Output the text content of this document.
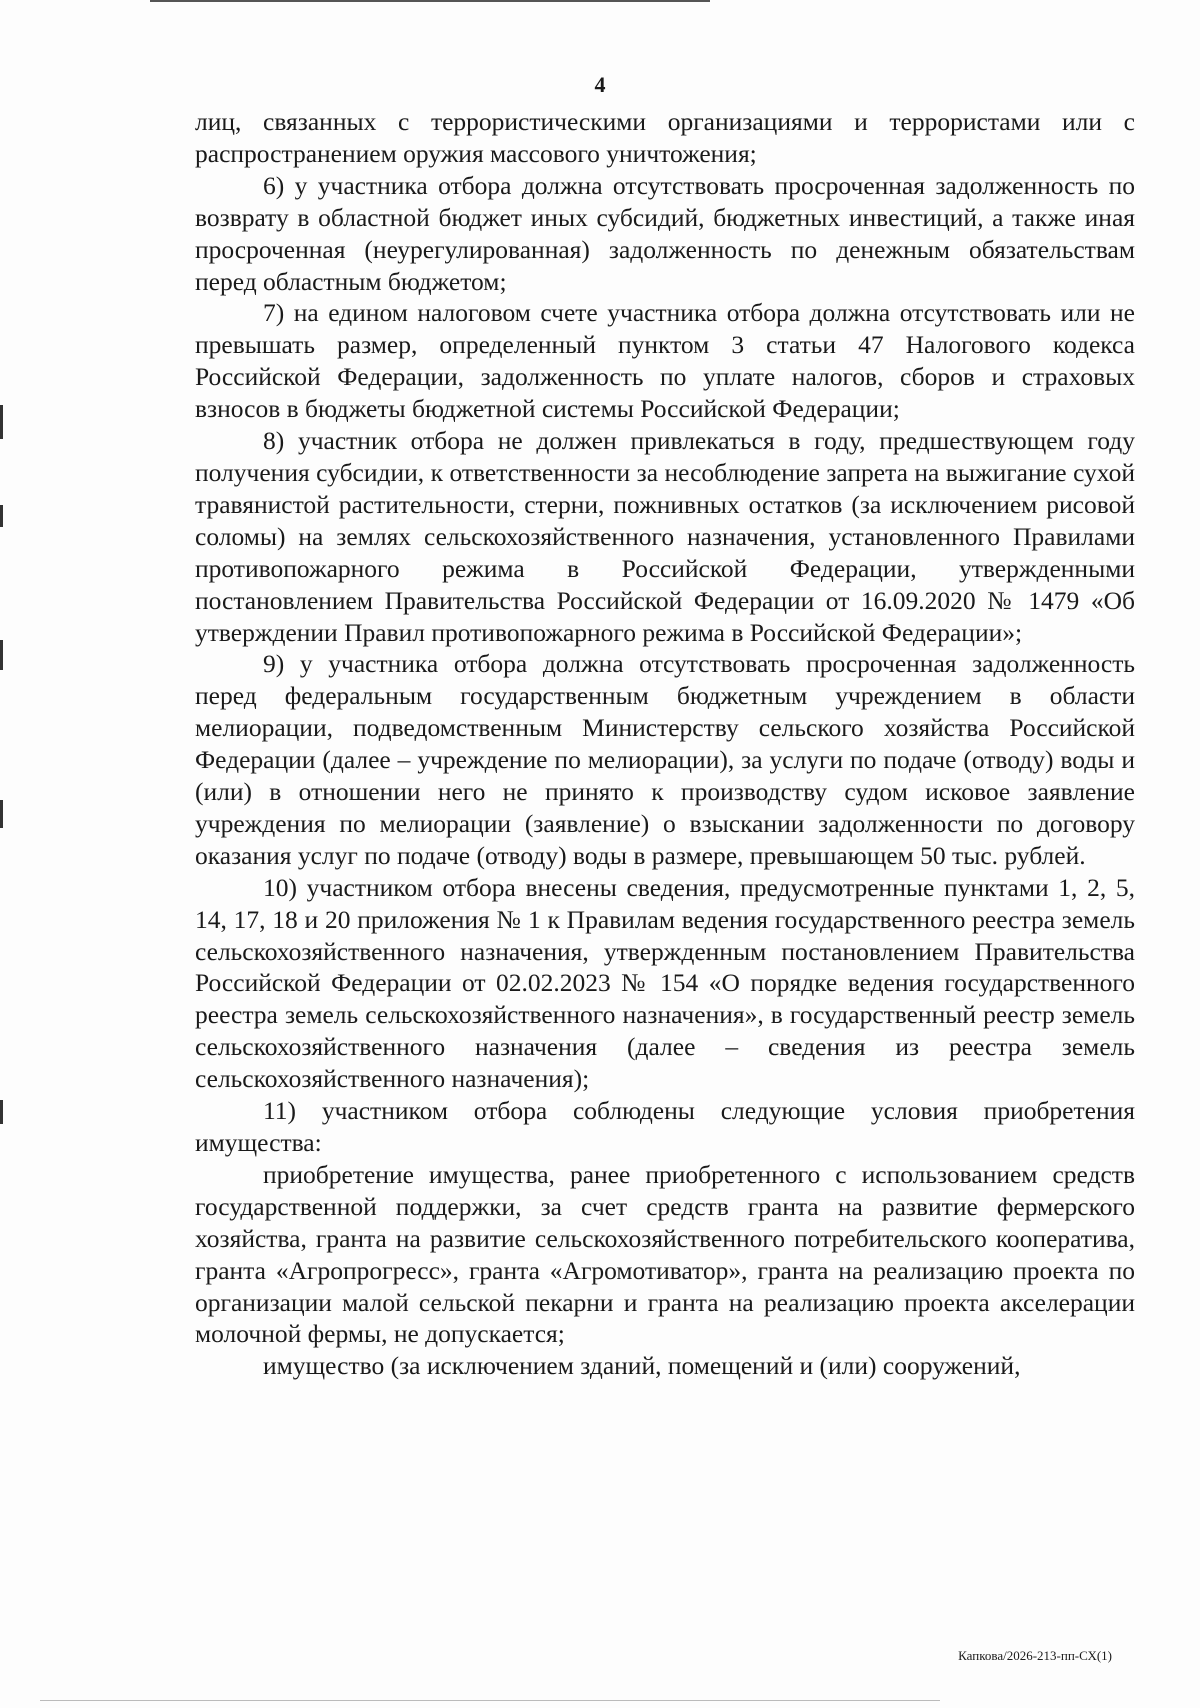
4

лиц, связанных с террористическими организациями и террористами или с распространением оружия массового уничтожения;

6) у участника отбора должна отсутствовать просроченная задолженность по возврату в областной бюджет иных субсидий, бюджетных инвестиций, а также иная просроченная (неурегулированная) задолженность по денежным обязательствам перед областным бюджетом;

7) на едином налоговом счете участника отбора должна отсутствовать или не превышать размер, определенный пунктом 3 статьи 47 Налогового кодекса Российской Федерации, задолженность по уплате налогов, сборов и страховых взносов в бюджеты бюджетной системы Российской Федерации;

8) участник отбора не должен привлекаться в году, предшествующем году получения субсидии, к ответственности за несоблюдение запрета на выжигание сухой травянистой растительности, стерни, пожнивных остатков (за исключением рисовой соломы) на землях сельскохозяйственного назначения, установленного Правилами противопожарного режима в Российской Федерации, утвержденными постановлением Правительства Российской Федерации от 16.09.2020 № 1479 «Об утверждении Правил противопожарного режима в Российской Федерации»;

9) у участника отбора должна отсутствовать просроченная задолженность перед федеральным государственным бюджетным учреждением в области мелиорации, подведомственным Министерству сельского хозяйства Российской Федерации (далее – учреждение по мелиорации), за услуги по подаче (отводу) воды и (или) в отношении него не принято к производству судом исковое заявление учреждения по мелиорации (заявление) о взыскании задолженности по договору оказания услуг по подаче (отводу) воды в размере, превышающем 50 тыс. рублей.

10) участником отбора внесены сведения, предусмотренные пунктами 1, 2, 5, 14, 17, 18 и 20 приложения № 1 к Правилам ведения государственного реестра земель сельскохозяйственного назначения, утвержденным постановлением Правительства Российской Федерации от 02.02.2023 № 154 «О порядке ведения государственного реестра земель сельскохозяйственного назначения», в государственный реестр земель сельскохозяйственного назначения (далее – сведения из реестра земель сельскохозяйственного назначения);

11) участником отбора соблюдены следующие условия приобретения имущества:

приобретение имущества, ранее приобретенного с использованием средств государственной поддержки, за счет средств гранта на развитие фермерского хозяйства, гранта на развитие сельскохозяйственного потребительского кооператива, гранта «Агропрогресс», гранта «Агромотиватор», гранта на реализацию проекта по организации малой сельской пекарни и гранта на реализацию проекта акселерации молочной фермы, не допускается;

имущество (за исключением зданий, помещений и (или) сооружений,

Капкова/2026-213-пп-СХ(1)
